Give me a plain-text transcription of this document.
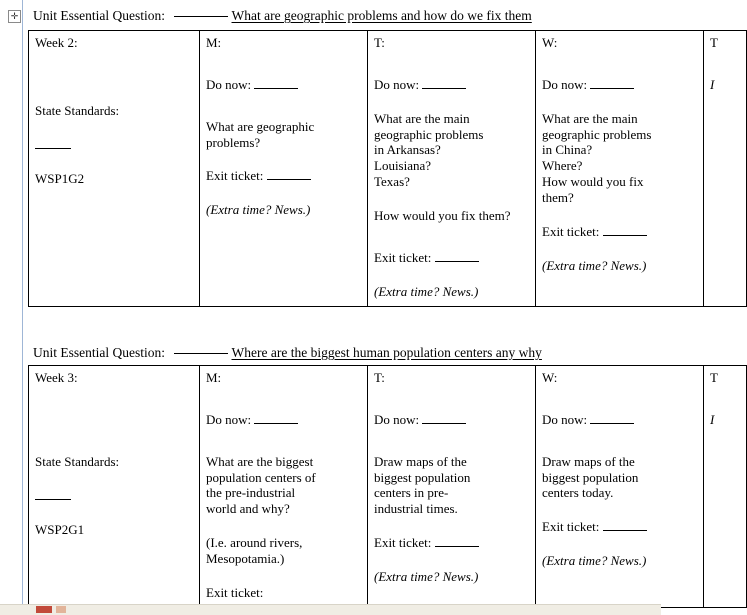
✛ Unit Essential Question:	What are geographic problems and how do we fix them
Week 2:
State Standards:
WSP1G2

M:
Do now:
What are geographic problems?
Exit ticket:
(Extra time? News.)

T:
Do now:
What are the main
geographic problems
in Arkansas?
Louisiana?
Texas?
How would you fix them?
Exit ticket:
(Extra time? News.)

W:
Do now:
What are the main
geographic problems
in China?
Where?
How would you fix
them?
Exit ticket:
(Extra time? News.)

T
I
Unit Essential Question:	Where are the biggest human population centers any why
Week 3:
State Standards:
WSP2G1

M:
Do now:
What are the biggest
population centers of
the pre-industrial
world and why?
(I.e. around rivers, Mesopotamia.)
Exit ticket:

T:
Do now:
Draw maps of the
biggest population
centers in pre-
industrial times.
Exit ticket:
(Extra time? News.)

W:
Do now:
Draw maps of the
biggest population
centers today.
Exit ticket:
(Extra time? News.)

T
I
